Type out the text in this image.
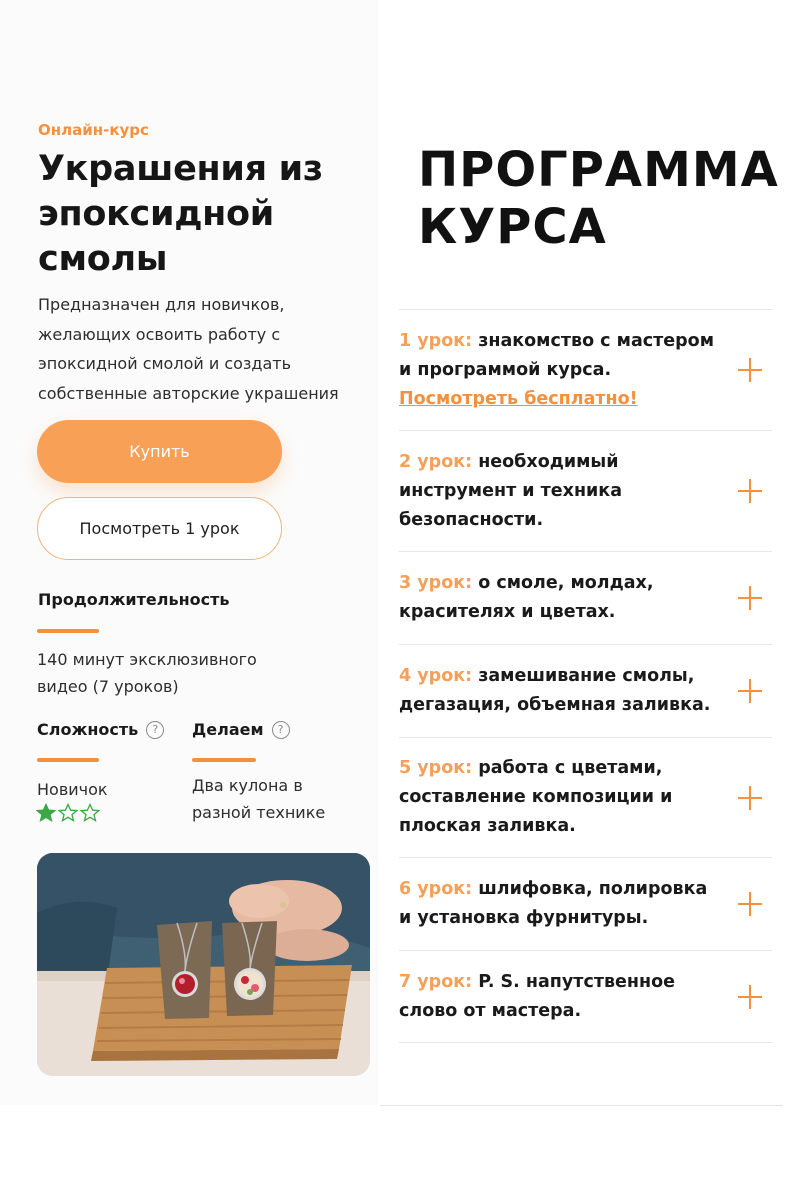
Онлайн-курс
Украшения из эпоксидной смолы
Предназначен для новичков, желающих освоить работу с эпоксидной смолой и создать собственные авторские украшения
Купить
Посмотреть 1 урок
Продолжительность
140 минут эксклюзивного видео (7 уроков)
Сложность	?
Новичок
Делаем	?
Два кулона в разной технике
ПРОГРАММА
КУРСА
1 урок: знакомство с мастером и программой курса.
Посмотреть бесплатно!
2 урок: необходимый инструмент и техника безопасности.
3 урок: о смоле, молдах, красителях и цветах.
4 урок: замешивание смолы, дегазация, объемная заливка.
5 урок: работа с цветами, составление композиции и плоская заливка.
6 урок: шлифовка, полировка и установка фурнитуры.
7 урок: P. S. напутственное слово от мастера.
